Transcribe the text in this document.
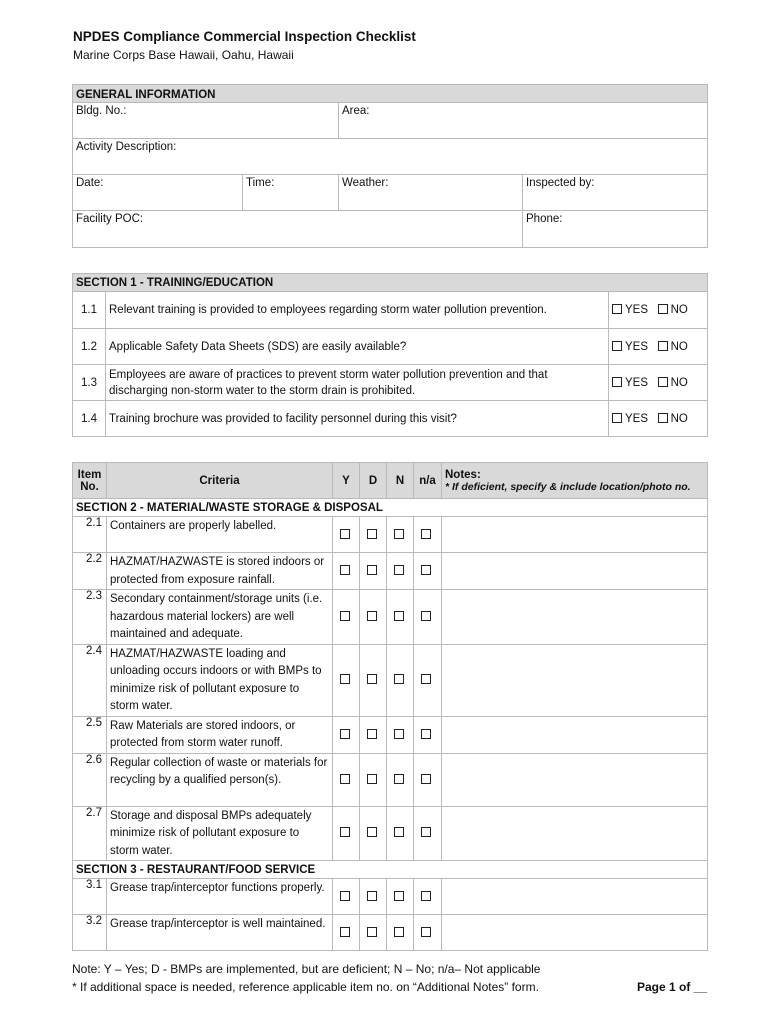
NPDES Compliance Commercial Inspection Checklist
Marine Corps Base Hawaii, Oahu, Hawaii
GENERAL INFORMATION			
Bldg. No.:		Area:	
Activity Description:			
Date:	Time:	Weather:	Inspected by:
Facility POC:			Phone:
SECTION 1 - TRAINING/EDUCATION		
1.1	Relevant training is provided to employees regarding storm water pollution prevention.	YES NO
1.2	Applicable Safety Data Sheets (SDS) are easily available?	YES NO
1.3	Employees are aware of practices to prevent storm water pollution prevention and that discharging non-storm water to the storm drain is prohibited.	YES NO
1.4	Training brochure was provided to facility personnel during this visit?	YES NO
Item No.	Criteria	Y	D	N	n/a	Notes:
* If deficient, specify & include location/photo no.

SECTION 2 - MATERIAL/WASTE STORAGE & DISPOSAL						
2.1	Containers are properly labelled.					
2.2	HAZMAT/HAZWASTE is stored indoors or protected from exposure rainfall.					
2.3	Secondary containment/storage units (i.e. hazardous material lockers) are well maintained and adequate.					
2.4	HAZMAT/HAZWASTE loading and unloading occurs indoors or with BMPs to minimize risk of pollutant exposure to storm water.					
2.5	Raw Materials are stored indoors, or protected from storm water runoff.					
2.6	Regular collection of waste or materials for recycling by a qualified person(s).					
2.7	Storage and disposal BMPs adequately minimize risk of pollutant exposure to storm water.					
SECTION 3 - RESTAURANT/FOOD SERVICE						
3.1	Grease trap/interceptor functions properly.					
3.2	Grease trap/interceptor is well maintained.					
Note: Y – Yes; D - BMPs are implemented, but are deficient; N – No; n/a– Not applicable
* If additional space is needed, reference applicable item no. on “Additional Notes” form.	Page 1 of __
